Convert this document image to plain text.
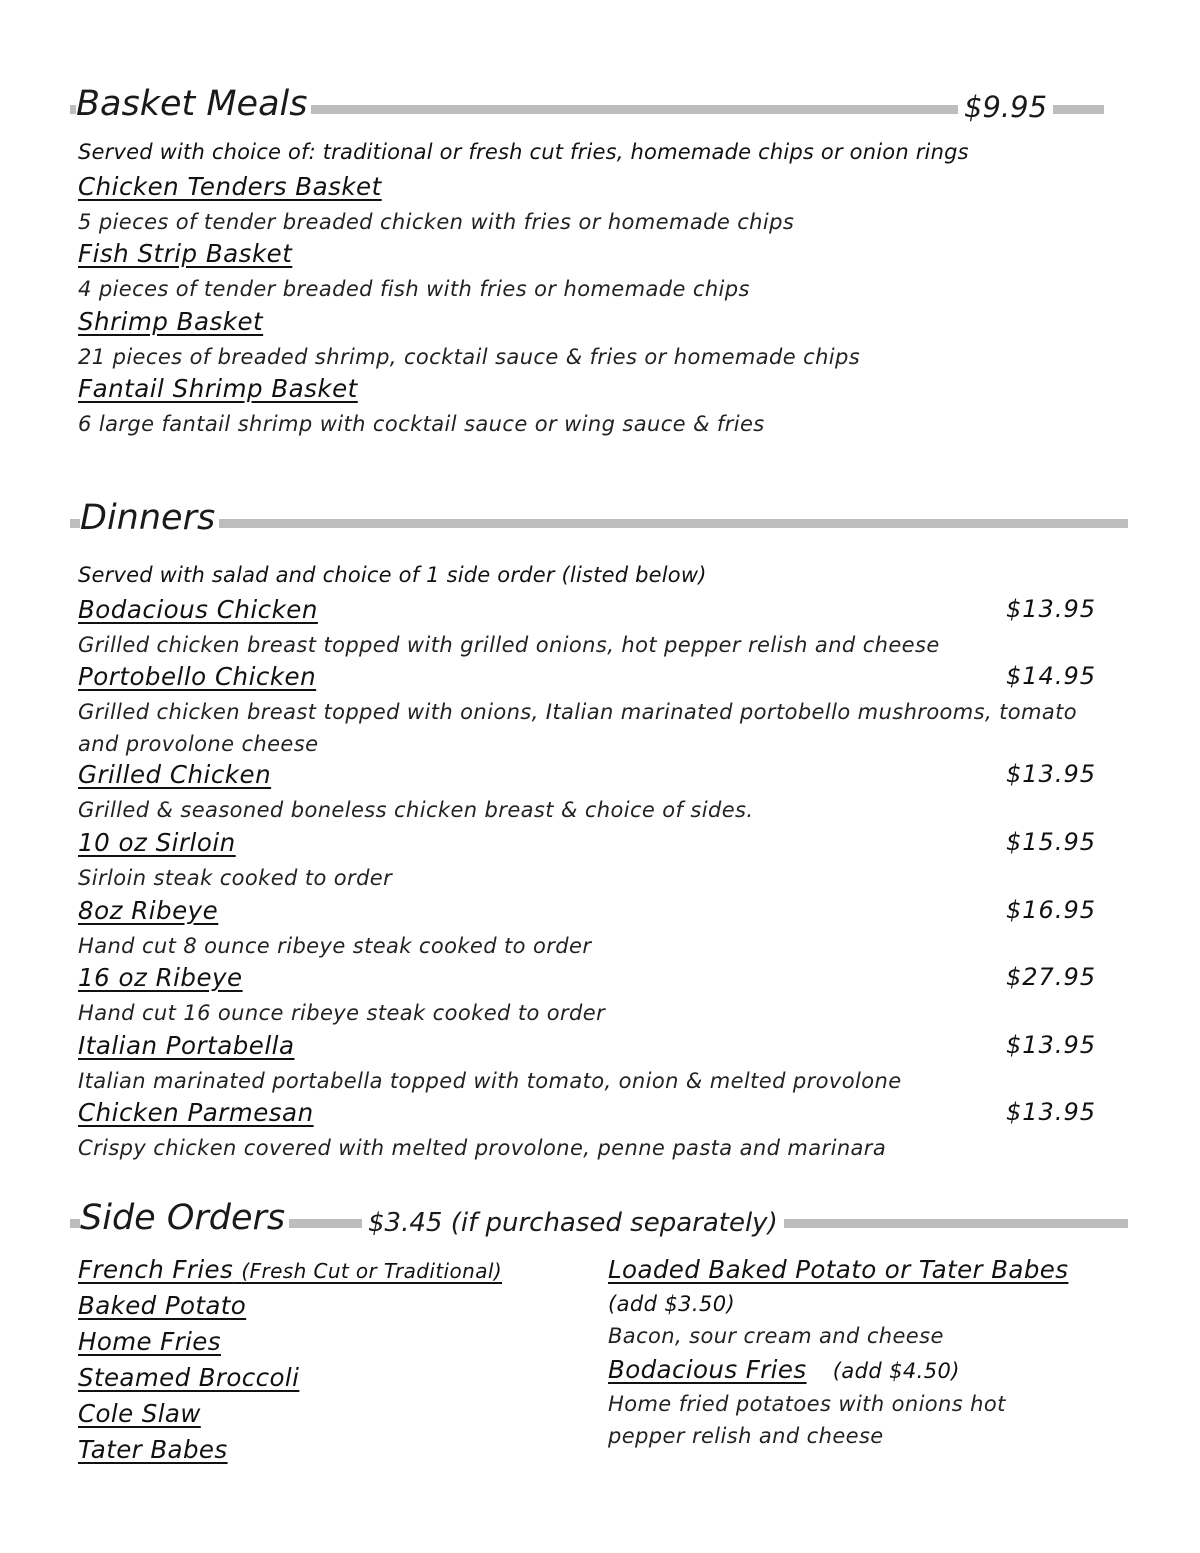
Basket Meals	$9.95
Served with choice of: traditional or fresh cut fries, homemade chips or onion rings
Chicken Tenders Basket
5 pieces of tender breaded chicken with fries or homemade chips
Fish Strip Basket
4 pieces of tender breaded fish with fries or homemade chips
Shrimp Basket
21 pieces of breaded shrimp, cocktail sauce & fries or homemade chips
Fantail Shrimp Basket
6 large fantail shrimp with cocktail sauce or wing sauce & fries
Dinners
Served with salad and choice of 1 side order (listed below)
Bodacious Chicken	$13.95
Grilled chicken breast topped with grilled onions, hot pepper relish and cheese
Portobello Chicken	$14.95
Grilled chicken breast topped with onions, Italian marinated portobello mushrooms, tomato and provolone cheese
Grilled Chicken	$13.95
Grilled & seasoned boneless chicken breast & choice of sides.
10 oz Sirloin	$15.95
Sirloin steak cooked to order
8oz Ribeye	$16.95
Hand cut 8 ounce ribeye steak cooked to order
16 oz Ribeye	$27.95
Hand cut 16 ounce ribeye steak cooked to order
Italian Portabella	$13.95
Italian marinated portabella topped with tomato, onion & melted provolone
Chicken Parmesan	$13.95
Crispy chicken covered with melted provolone, penne pasta and marinara
Side Orders	$3.45 (if purchased separately)
French Fries (Fresh Cut or Traditional)
Baked Potato
Home Fries
Steamed Broccoli
Cole Slaw
Tater Babes
Loaded Baked Potato or Tater Babes
(add $3.50)
Bacon, sour cream and cheese
Bodacious Fries (add $4.50)
Home fried potatoes with onions hot pepper relish and cheese
